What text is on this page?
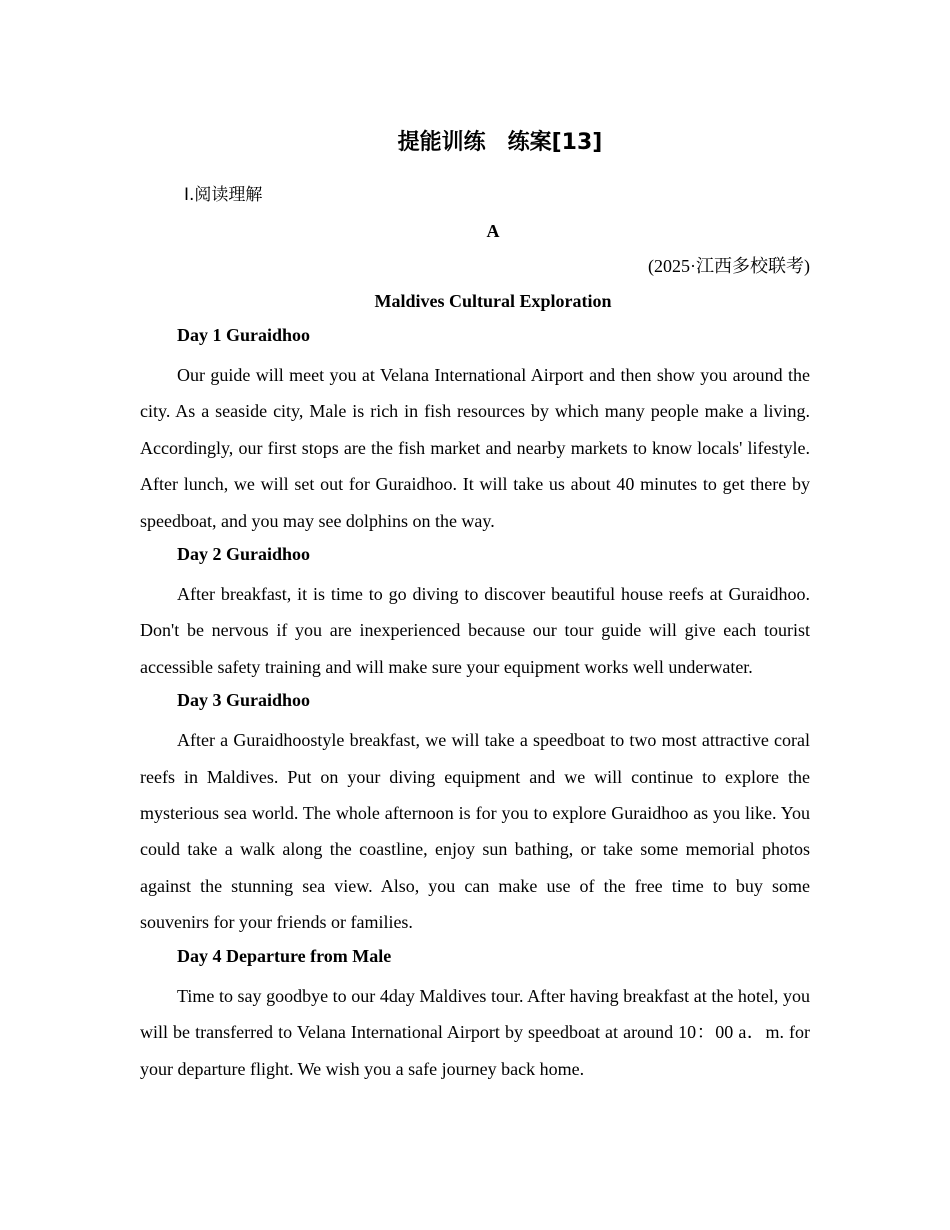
提能训练　练案[13]
Ⅰ.阅读理解
A
(2025·江西多校联考)
Maldives Cultural Exploration

Day 1 Guraidhoo

Our guide will meet you at Velana International Airport and then show you around the city. As a seaside city, Male is rich in fish resources by which many people make a living. Accordingly, our first stops are the fish market and nearby markets to know locals' lifestyle. After lunch, we will set out for Guraidhoo. It will take us about 40 minutes to get there by speedboat, and you may see dolphins on the way.

Day 2 Guraidhoo

After breakfast, it is time to go diving to discover beautiful house reefs at Guraidhoo. Don't be nervous if you are inexperienced because our tour guide will give each tourist accessible safety training and will make sure your equipment works well underwater.

Day 3 Guraidhoo

After a Guraidhoostyle breakfast, we will take a speedboat to two most attractive coral reefs in Maldives. Put on your diving equipment and we will continue to explore the mysterious sea world. The whole afternoon is for you to explore Guraidhoo as you like. You could take a walk along the coastline, enjoy sun bathing, or take some memorial photos against the stunning sea view. Also, you can make use of the free time to buy some souvenirs for your friends or families.

Day 4 Departure from Male

Time to say goodbye to our 4day Maldives tour. After having breakfast at the hotel, you will be transferred to Velana International Airport by speedboat at around 10：00 a．m. for your departure flight. We wish you a safe journey back home.
